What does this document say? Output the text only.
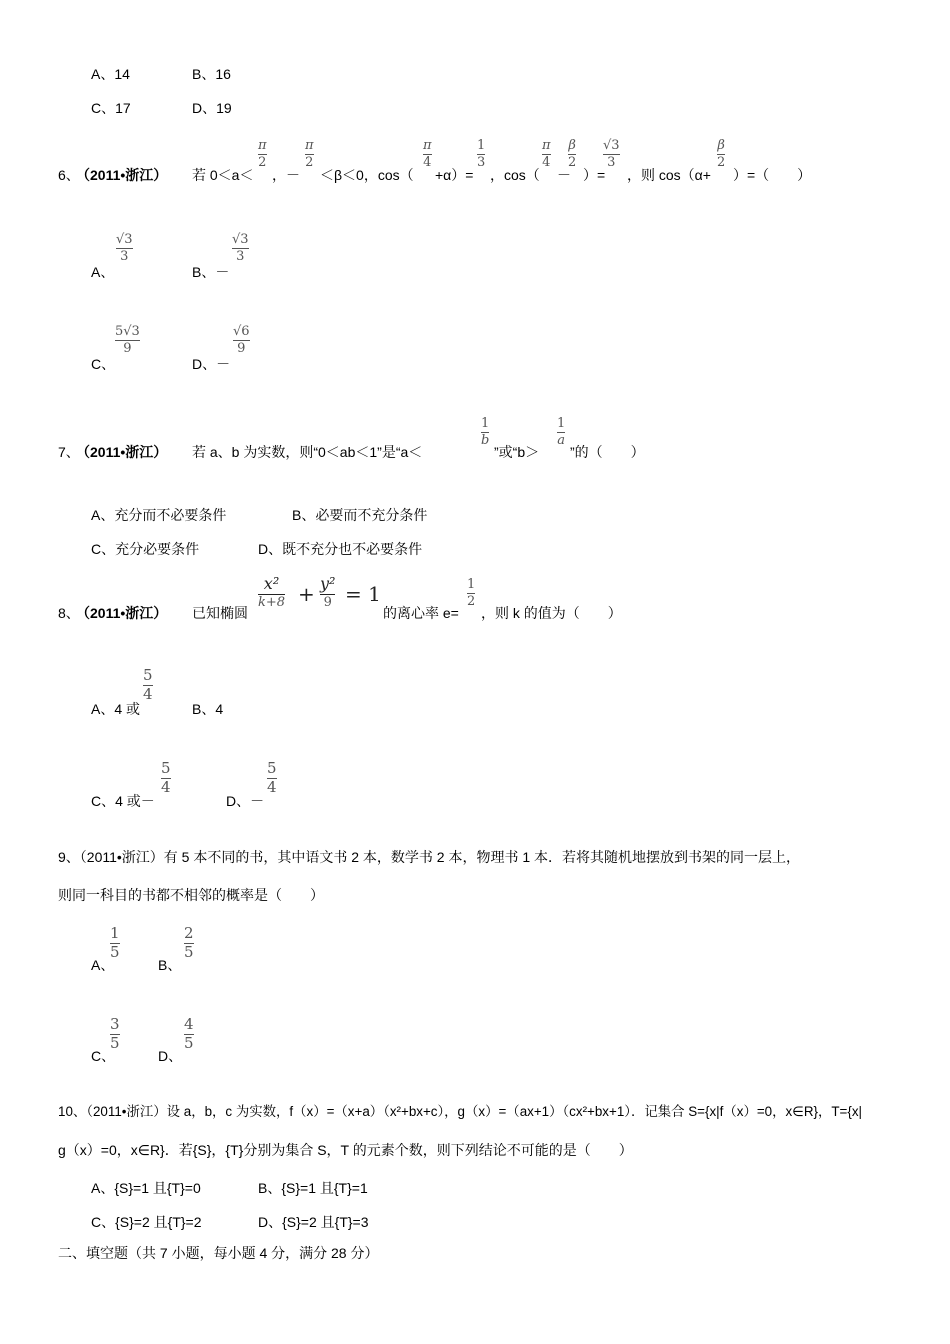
A、14	B、16
C、17	D、19
6、
（2011•浙江） 若 0＜a＜
π
2
，－
π
2
＜β＜0，cos（
π
4
+α）=
1
3
，cos（
π
4
－
β
2
）=
√3
3
，则 cos（α+
β
2
）=（　　）
A、
√3
3
B、－
√3
3
C、
5√3
9
D、－
√6
9
7、
（2011•浙江） 若 a、b 为实数，则“0＜ab＜1”是“a＜
1
b
”或“b＞
1
a
”的（　　）
A、充分而不必要条件	B、必要而不充分条件
C、充分必要条件	D、既不充分也不必要条件
8、
（2011•浙江） 已知椭圆
x²
k+8 + y²
9 = 1
的离心率 e=
1
2
，则 k 的值为（　　）
A、4 或
5
4
B、4
C、4 或－
5
4
D、－
5
4
9、（2011•浙江）有 5 本不同的书，其中语文书 2 本，数学书 2 本，物理书 1 本．若将其随机地摆放到书架的同一层上，
则同一科目的书都不相邻的概率是（　　）
A、
1
5
B、
2
5
C、
3
5
D、
4
5
10、（2011•浙江）设 a，b，c 为实数，f（x）=（x+a）（x²+bx+c），g（x）=（ax+1）（cx²+bx+1）．记集合 S={x|f（x）=0，x∈R}，T={x|
g（x）=0，x∈R}．若{S}，{T}分别为集合 S，T 的元素个数，则下列结论不可能的是（　　）
A、{S}=1 且{T}=0	B、{S}=1 且{T}=1
C、{S}=2 且{T}=2	D、{S}=2 且{T}=3
二、填空题（共 7 小题，每小题 4 分，满分 28 分）
